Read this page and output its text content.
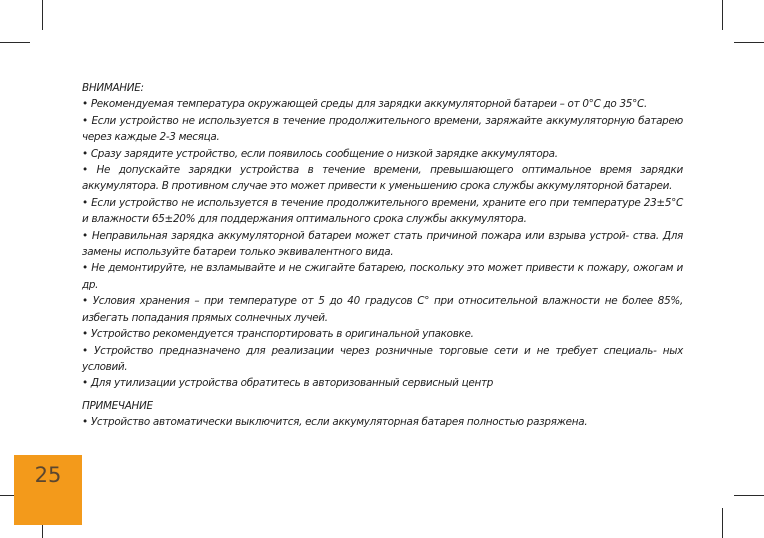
ВНИМАНИЕ:

• Рекомендуемая температура окружающей среды для зарядки аккумуляторной батареи – от 0°С до 35°С.

• Если устройство не используется в течение продолжительного времени, заряжайте аккумуляторную батарею через каждые 2-3 месяца.

• Сразу зарядите устройство, если появилось сообщение о низкой зарядке аккумулятора.

• Не допускайте зарядки устройства в течение времени, превышающего оптимальное время зарядки аккумулятора. В противном случае это может привести к уменьшению срока службы аккумуляторной батареи.

• Если устройство не используется в течение продолжительного времени, храните его при температуре 23±5°С и влажности 65±20% для поддержания оптимального срока службы аккумулятора.

• Неправильная зарядка аккумуляторной батареи может стать причиной пожара или взрыва устрой- ства. Для замены используйте батареи только эквивалентного вида.

• Не демонтируйте, не взламывайте и не сжигайте батарею, поскольку это может привести к пожару, ожогам и др.

• Условия хранения – при температуре от 5 до 40 градусов С° при относительной влажности не более 85%, избегать попадания прямых солнечных лучей.

• Устройство рекомендуется транспортировать в оригинальной упаковке.

• Устройство предназначено для реализации через розничные торговые сети и не требует специаль- ных условий.

• Для утилизации устройства обратитесь в авторизованный сервисный центр

ПРИМЕЧАНИЕ

• Устройство автоматически выключится, если аккумуляторная батарея полностью разряжена.

25
